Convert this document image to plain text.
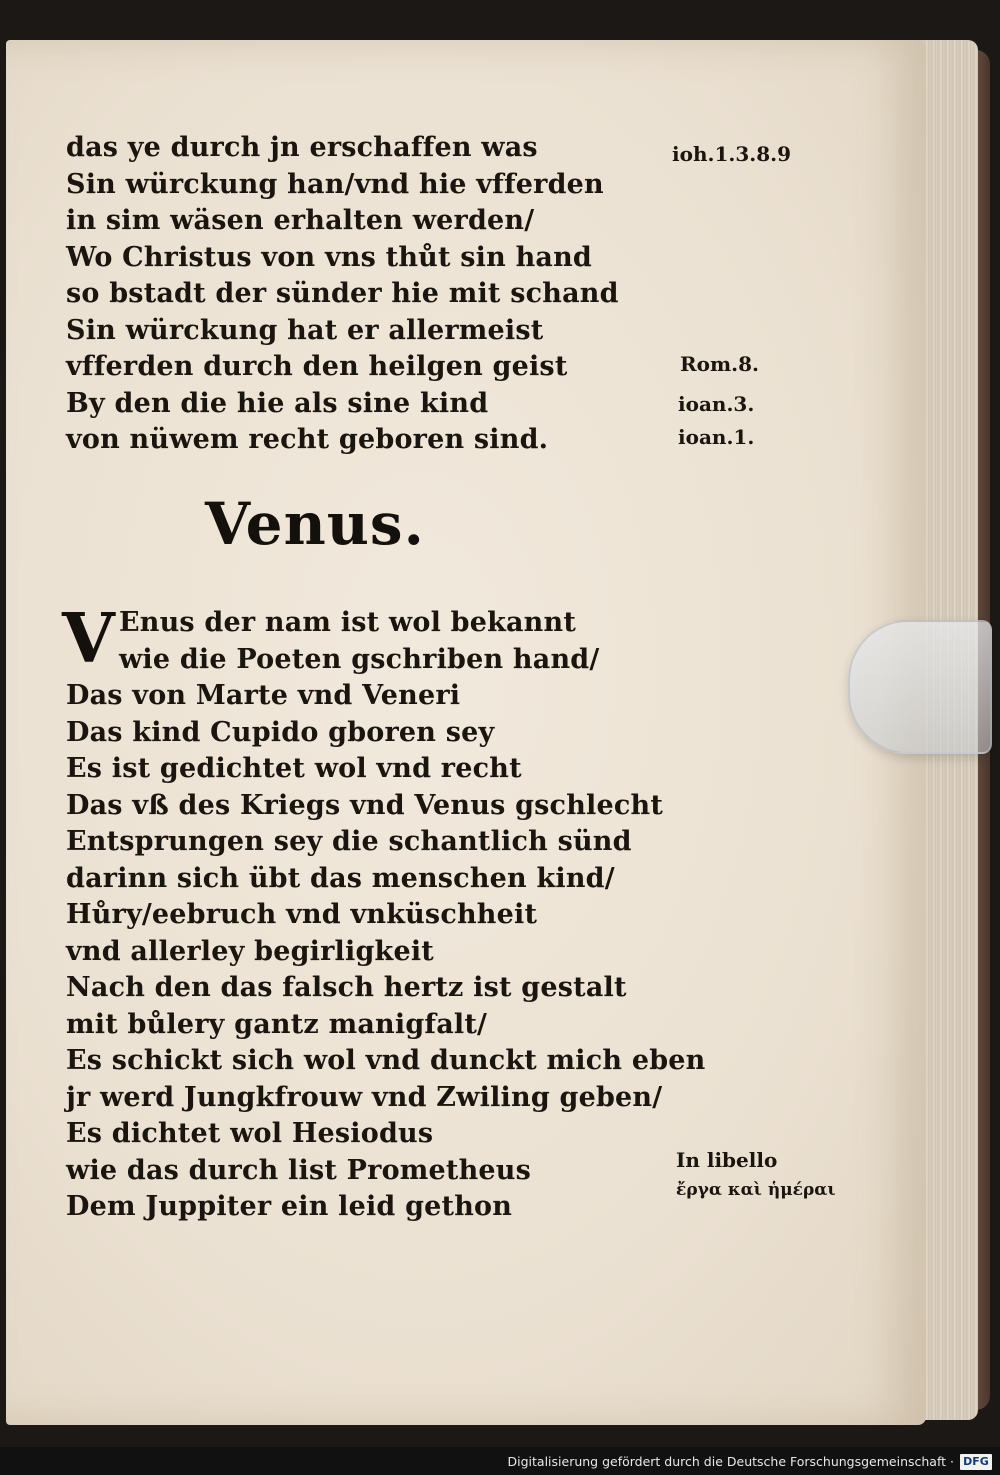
das ye durch jn erschaffen was
Sin würckung han/vnd hie vfferden
in sim wäsen erhalten werden/
Wo Christus von vns thůt sin hand
so bstadt der sünder hie mit schand
Sin würckung hat er allermeist
vfferden durch den heilgen geist
By den die hie als sine kind
von nüwem recht geboren sind.
Venus.
V Enus der nam ist wol bekannt
wie die Poeten gschriben hand/
Das von Marte vnd Veneri
Das kind Cupido gboren sey
Es ist gedichtet wol vnd recht
Das vß des Kriegs vnd Venus gschlecht
Entsprungen sey die schantlich sünd
darinn sich übt das menschen kind/
Hůry/eebruch vnd vnküschheit
vnd allerley begirligkeit
Nach den das falsch hertz ist gestalt
mit bůlery gantz manigfalt/
Es schickt sich wol vnd dunckt mich eben
jr werd Jungkfrouw vnd Zwiling geben/
Es dichtet wol Hesiodus
wie das durch list Prometheus
Dem Juppiter ein leid gethon
ioh.1.3.8.9
Rom.8.
ioan.3.
ioan.1.
In libello
ἔργα καὶ ἡμέραι
Digitalisierung gefördert durch die Deutsche Forschungsgemeinschaft · DFG
